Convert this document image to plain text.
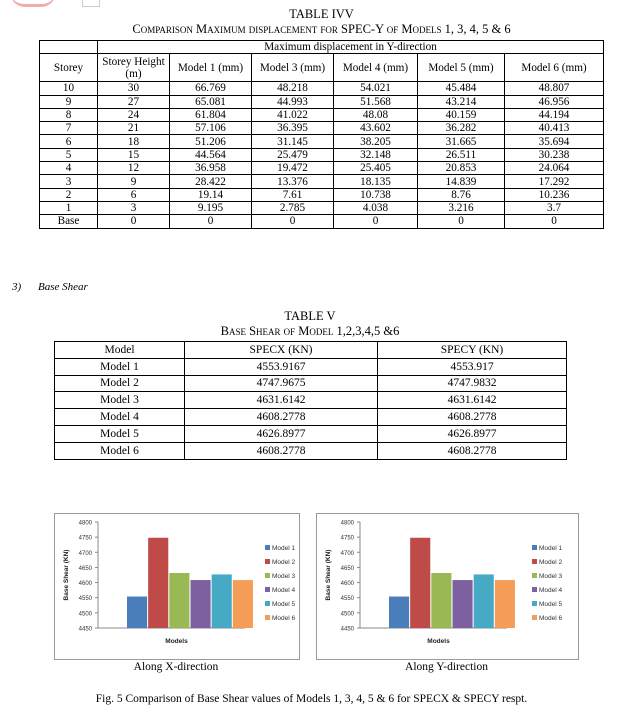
TABLE IVV
Comparison Maximum displacement for SPEC-Y of Models 1, 3, 4, 5 & 6
	Maximum displacement in Y-direction					
Storey	Storey Height (m)	Model 1 (mm)	Model 3 (mm)	Model 4 (mm)	Model 5 (mm)	Model 6 (mm)
10	30	66.769	48.218	54.021	45.484	48.807
9	27	65.081	44.993	51.568	43.214	46.956
8	24	61.804	41.022	48.08	40.159	44.194
7	21	57.106	36.395	43.602	36.282	40.413
6	18	51.206	31.145	38.205	31.665	35.694
5	15	44.564	25.479	32.148	26.511	30.238
4	12	36.958	19.472	25.405	20.853	24.064
3	9	28.422	13.376	18.135	14.839	17.292
2	6	19.14	7.61	10.738	8.76	10.236
1	3	9.195	2.785	4.038	3.216	3.7
Base	0	0	0	0	0	0
3) Base Shear
TABLE V
Base Shear of Model 1,2,3,4,5 &6
Model	SPECX (KN)	SPECY (KN)
Model 1	4553.9167	4553.917
Model 2	4747.9675	4747.9832
Model 3	4631.6142	4631.6142
Model 4	4608.2778	4608.2778
Model 5	4626.8977	4626.8977
Model 6	4608.2778	4608.2778
4450
4500
4550
4600
4650
4700
4750
4800
Base Shear (KN)
Models
Model 1
Model 2
Model 3
Model 4
Model 5
Model 6
4450
4500
4550
4600
4650
4700
4750
4800
Base Shear (KN)
Models
Model 1
Model 2
Model 3
Model 4
Model 5
Model 6
Along X-direction	Along Y-direction
Fig. 5 Comparison of Base Shear values of Models 1, 3, 4, 5 & 6 for SPECX & SPECY respt.
